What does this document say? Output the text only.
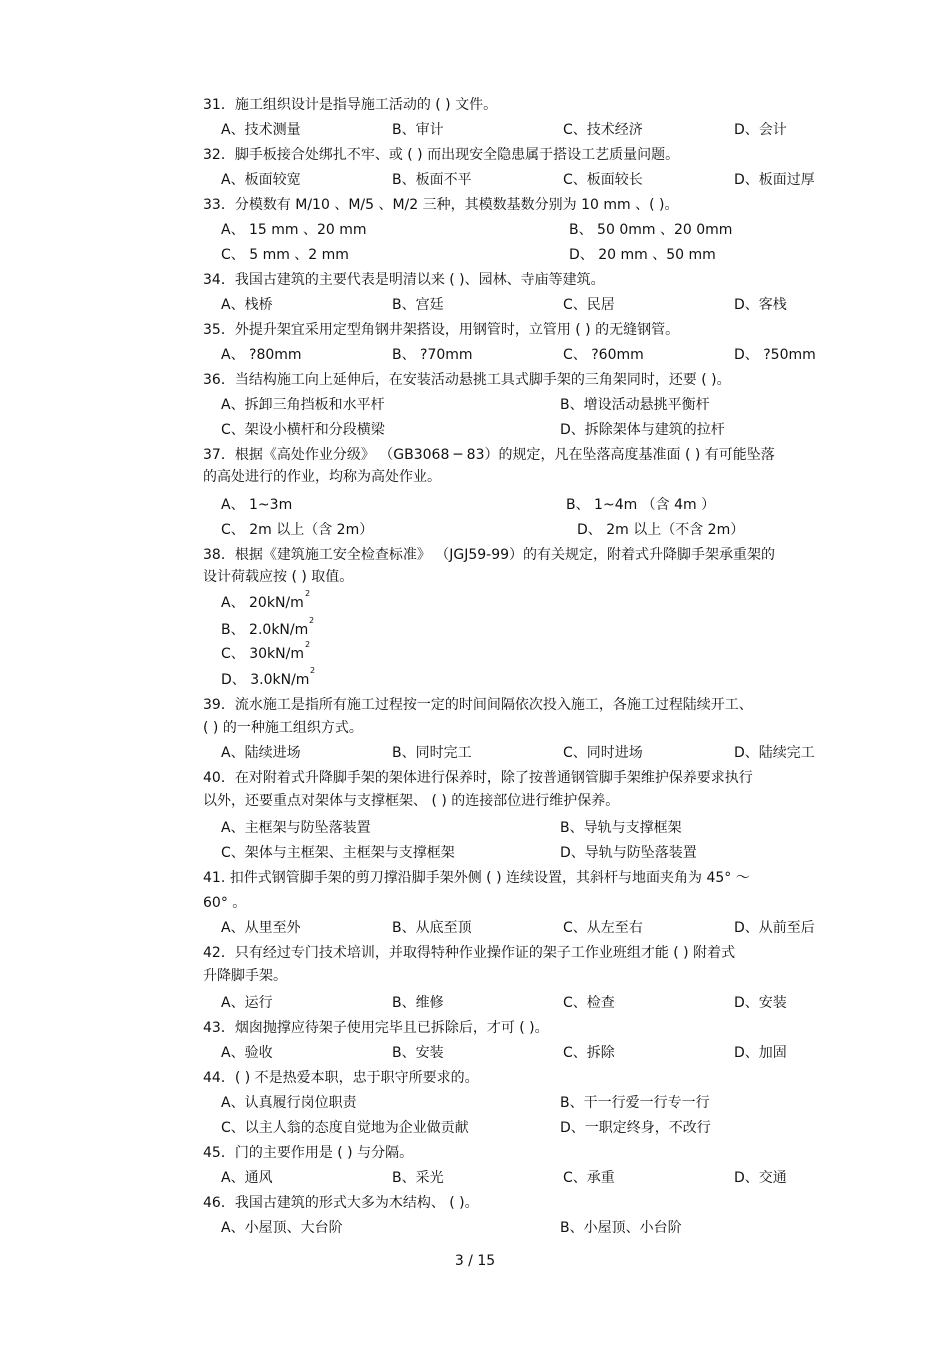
31．施工组织设计是指导施工活动的 ( ) 文件。
A、技术测量	B、审计	C、技术经济	D、会计
32．脚手板接合处绑扎不牢、或 ( ) 而出现安全隐患属于搭设工艺质量问题。
A、板面较宽	B、板面不平	C、板面较长	D、板面过厚
33．分模数有 M/10 、M/5 、M/2 三种，其模数基数分别为 10 mm 、( )。
A、 15 mm 、20 mm	B、 50 0mm 、20 0mm
C、 5 mm 、2 mm	D、 20 mm 、50 mm
34．我国古建筑的主要代表是明清以来 ( )、园林、寺庙等建筑。
A、栈桥	B、宫廷	C、民居	D、客栈
35．外提升架宜采用定型角钢井架搭设，用钢管时，立管用 ( ) 的无缝钢管。
A、 ?80mm	B、 ?70mm	C、 ?60mm	D、 ?50mm
36．当结构施工向上延伸后，在安装活动悬挑工具式脚手架的三角架同时，还要 ( )。
A、拆卸三角挡板和水平杆	B、增设活动悬挑平衡杆
C、架设小横杆和分段横梁	D、拆除架体与建筑的拉杆
37．根据《高处作业分级》 （GB3068 ─ 83）的规定，凡在坠落高度基准面 ( ) 有可能坠落
的高处进行的作业，均称为高处作业。
A、 1~3m	B、 1~4m （含 4m ）
C、 2m 以上（含 2m）	D、 2m 以上（不含 2m）
38．根据《建筑施工安全检查标准》 （JGJ59-99）的有关规定，附着式升降脚手架承重架的
设计荷载应按 ( ) 取值。
A、 20kN/m
2
B、 2.0kN/m
2
C、 30kN/m
2
D、 3.0kN/m
2
39．流水施工是指所有施工过程按一定的时间间隔依次投入施工，各施工过程陆续开工、
( ) 的一种施工组织方式。
A、陆续进场	B、同时完工	C、同时进场	D、陆续完工
40．在对附着式升降脚手架的架体进行保养时，除了按普通钢管脚手架维护保养要求执行
以外，还要重点对架体与支撑框架、 ( ) 的连接部位进行维护保养。
A、主框架与防坠落装置	B、导轨与支撑框架
C、架体与主框架、主框架与支撑框架	D、导轨与防坠落装置
41. 扣件式钢管脚手架的剪刀撑沿脚手架外侧 ( ) 连续设置，其斜杆与地面夹角为 45° ～
60° 。
A、从里至外	B、从底至顶	C、从左至右	D、从前至后
42．只有经过专门技术培训，并取得特种作业操作证的架子工作业班组才能 ( ) 附着式
升降脚手架。
A、运行	B、维修	C、检查	D、安装
43．烟囱抛撑应待架子使用完毕且已拆除后，才可 ( )。
A、验收	B、安装	C、拆除	D、加固
44．( ) 不是热爱本职，忠于职守所要求的。
A、认真履行岗位职责	B、干一行爱一行专一行
C、以主人翁的态度自觉地为企业做贡献	D、一职定终身，不改行
45．门的主要作用是 ( ) 与分隔。
A、通风	B、采光	C、承重	D、交通
46．我国古建筑的形式大多为木结构、 ( )。
A、小屋顶、大台阶	B、小屋顶、小台阶
3 / 15
